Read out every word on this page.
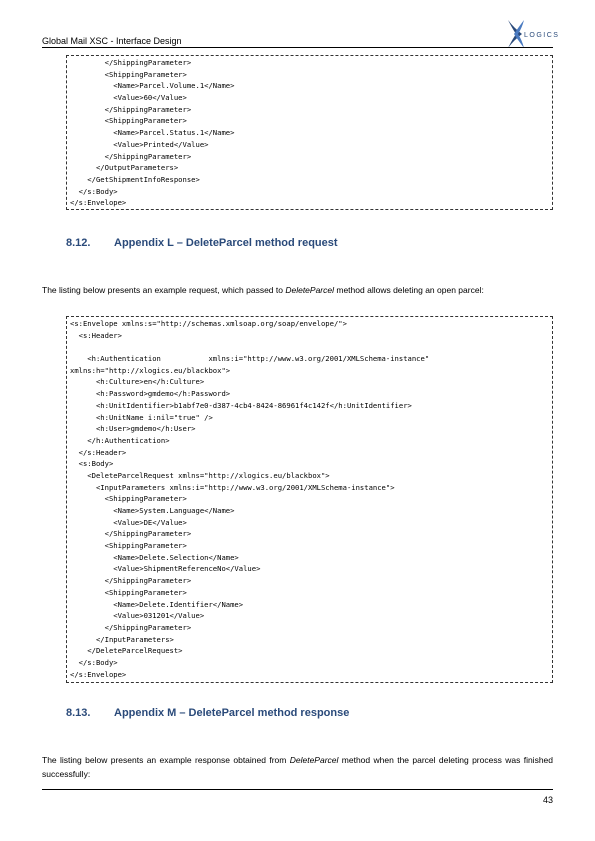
Global Mail XSC - Interface Design
LOGICS
</ShippingParameter>
<ShippingParameter>
<Name>Parcel.Volume.1</Name>
<Value>60</Value>
</ShippingParameter>
<ShippingParameter>
<Name>Parcel.Status.1</Name>
<Value>Printed</Value>
</ShippingParameter>
</OutputParameters>
</GetShipmentInfoResponse>
</s:Body>
</s:Envelope>
8.12. Appendix L – DeleteParcel method request
The listing below presents an example request, which passed to DeleteParcel method allows deleting an open parcel:
<s:Envelope xmlns:s="http://schemas.xmlsoap.org/soap/envelope/">
<s:Header>
<h:Authentication           xmlns:i="http://www.w3.org/2001/XMLSchema-instance"
xmlns:h="http://xlogics.eu/blackbox">
<h:Culture>en</h:Culture>
<h:Password>gmdemo</h:Password>
<h:UnitIdentifier>b1abf7e0-d387-4cb4-8424-86961f4c142f</h:UnitIdentifier>
<h:UnitName i:nil="true" />
<h:User>gmdemo</h:User>
</h:Authentication>
</s:Header>
<s:Body>
<DeleteParcelRequest xmlns="http://xlogics.eu/blackbox">
<InputParameters xmlns:i="http://www.w3.org/2001/XMLSchema-instance">
<ShippingParameter>
<Name>System.Language</Name>
<Value>DE</Value>
</ShippingParameter>
<ShippingParameter>
<Name>Delete.Selection</Name>
<Value>ShipmentReferenceNo</Value>
</ShippingParameter>
<ShippingParameter>
<Name>Delete.Identifier</Name>
<Value>031201</Value>
</ShippingParameter>
</InputParameters>
</DeleteParcelRequest>
</s:Body>
</s:Envelope>
8.13. Appendix M – DeleteParcel method response
The listing below presents an example response obtained from DeleteParcel method when the parcel deleting process was finished successfully:
43
